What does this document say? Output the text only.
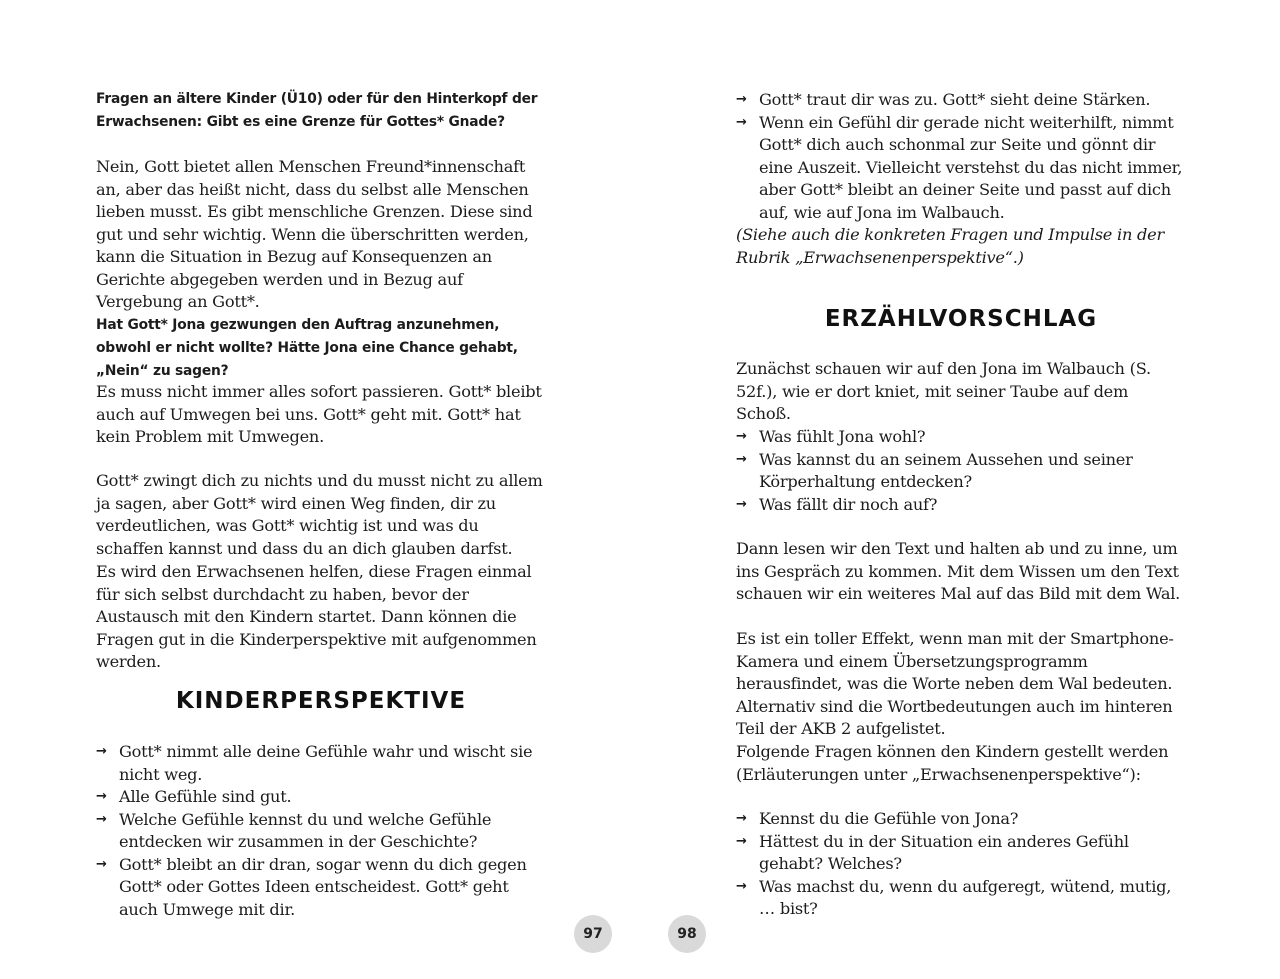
Fragen an ältere Kinder (Ü10) oder für den Hinterkopf der Erwachsenen: Gibt es eine Grenze für Gottes* Gnade?

Nein, Gott bietet allen Menschen Freund*innenschaft an, aber das heißt nicht, dass du selbst alle Menschen lieben musst. Es gibt menschliche Grenzen. Diese sind gut und sehr wichtig. Wenn die überschritten werden, kann die Situation in Bezug auf Konsequenzen an Gerichte abgegeben werden und in Bezug auf Vergebung an Gott*.

Hat Gott* Jona gezwungen den Auftrag anzunehmen, obwohl er nicht wollte? Hätte Jona eine Chance gehabt, „Nein“ zu sagen?

Es muss nicht immer alles sofort passieren. Gott* bleibt auch auf Umwegen bei uns. Gott* geht mit. Gott* hat kein Problem mit Umwegen.

Gott* zwingt dich zu nichts und du musst nicht zu allem ja sagen, aber Gott* wird einen Weg finden, dir zu verdeutlichen, was Gott* wichtig ist und was du schaffen kannst und dass du an dich glauben darfst.

Es wird den Erwachsenen helfen, diese Fragen einmal für sich selbst durchdacht zu haben, bevor der Austausch mit den Kindern startet. Dann können die Fragen gut in die Kinderperspektive mit aufgenommen werden.

KINDERPERSPEKTIVE
→ Gott* nimmt alle deine Gefühle wahr und wischt sie nicht weg.
→ Alle Gefühle sind gut.
→ Welche Gefühle kennst du und welche Gefühle entdecken wir zusammen in der Geschichte?
→ Gott* bleibt an dir dran, sogar wenn du dich gegen Gott* oder Gottes Ideen entscheidest. Gott* geht auch Umwege mit dir.
→ Gott* traut dir was zu. Gott* sieht deine Stärken.
→ Wenn ein Gefühl dir gerade nicht weiterhilft, nimmt Gott* dich auch schonmal zur Seite und gönnt dir eine Auszeit. Vielleicht verstehst du das nicht immer, aber Gott* bleibt an deiner Seite und passt auf dich auf, wie auf Jona im Walbauch.

(Siehe auch die konkreten Fragen und Impulse in der Rubrik „Erwachsenenperspektive“.)

ERZÄHLVORSCHLAG

Zunächst schauen wir auf den Jona im Walbauch (S. 52f.), wie er dort kniet, mit seiner Taube auf dem Schoß.

→ Was fühlt Jona wohl?
→ Was kannst du an seinem Aussehen und seiner Körperhaltung entdecken?
→ Was fällt dir noch auf?

Dann lesen wir den Text und halten ab und zu inne, um ins Gespräch zu kommen. Mit dem Wissen um den Text schauen wir ein weiteres Mal auf das Bild mit dem Wal.

Es ist ein toller Effekt, wenn man mit der Smartphone-Kamera und einem Übersetzungsprogramm herausfindet, was die Worte neben dem Wal bedeuten. Alternativ sind die Wortbedeutungen auch im hinteren Teil der AKB 2 aufgelistet.

Folgende Fragen können den Kindern gestellt werden (Erläuterungen unter „Erwachsenenperspektive“):

→ Kennst du die Gefühle von Jona?
→ Hättest du in der Situation ein anderes Gefühl gehabt? Welches?
→ Was machst du, wenn du aufgeregt, wütend, mutig, … bist?
97	98
